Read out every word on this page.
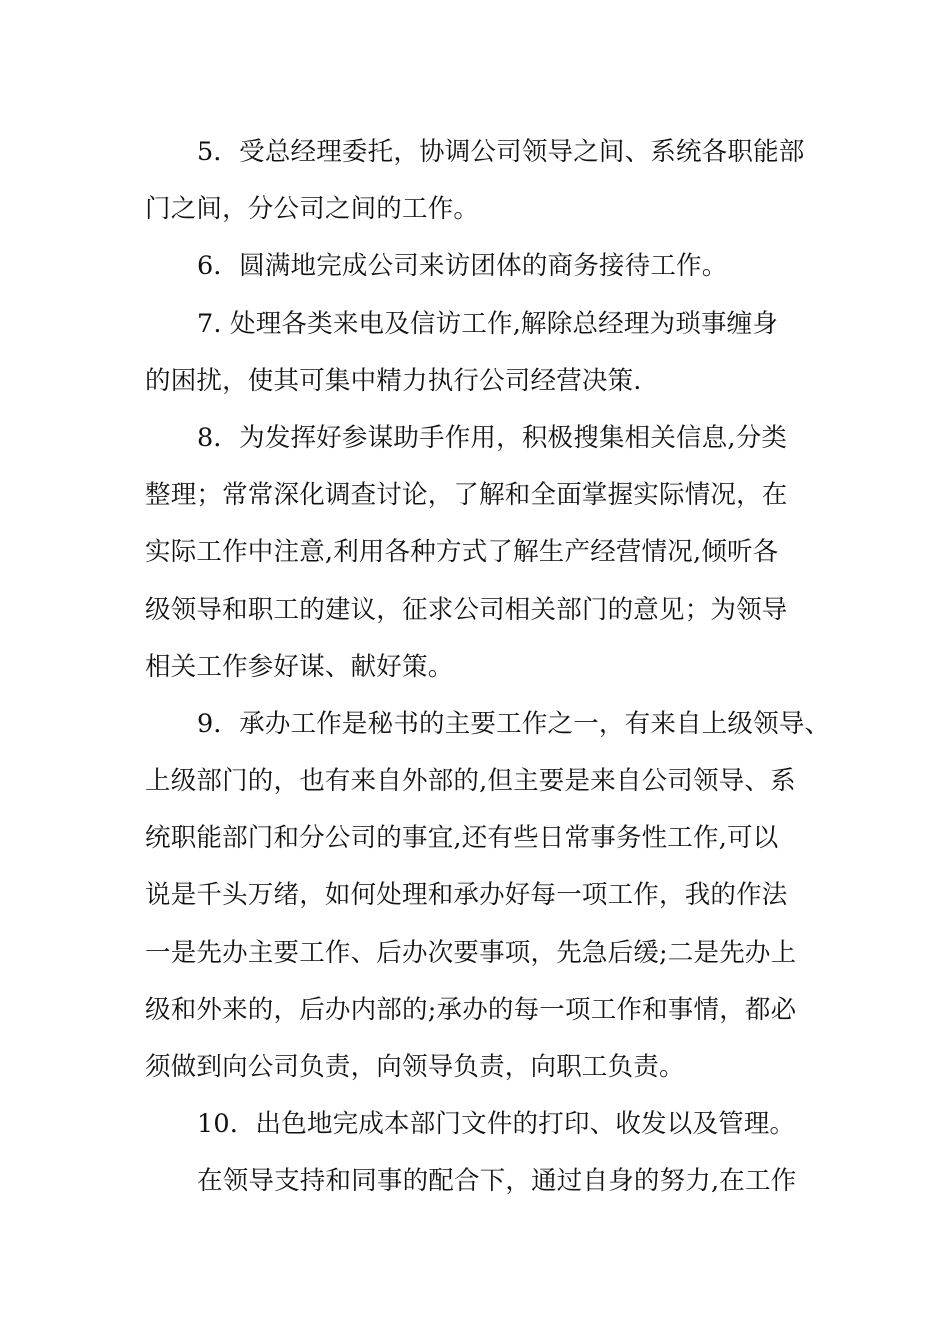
5．受总经理委托，协调公司领导之间、系统各职能部
门之间，分公司之间的工作。
6．圆满地完成公司来访团体的商务接待工作。
7. 处理各类来电及信访工作,解除总经理为琐事缠身
的困扰，使其可集中精力执行公司经营决策.
8．为发挥好参谋助手作用，积极搜集相关信息,分类
整理；常常深化调查讨论，了解和全面掌握实际情况，在
实际工作中注意,利用各种方式了解生产经营情况,倾听各
级领导和职工的建议，征求公司相关部门的意见；为领导
相关工作参好谋、献好策。
9．承办工作是秘书的主要工作之一，有来自上级领导、
上级部门的，也有来自外部的,但主要是来自公司领导、系
统职能部门和分公司的事宜,还有些日常事务性工作,可以
说是千头万绪，如何处理和承办好每一项工作，我的作法
一是先办主要工作、后办次要事项，先急后缓;二是先办上
级和外来的，后办内部的;承办的每一项工作和事情，都必
须做到向公司负责，向领导负责，向职工负责。
10．出色地完成本部门文件的打印、收发以及管理。
在领导支持和同事的配合下，通过自身的努力,在工作
